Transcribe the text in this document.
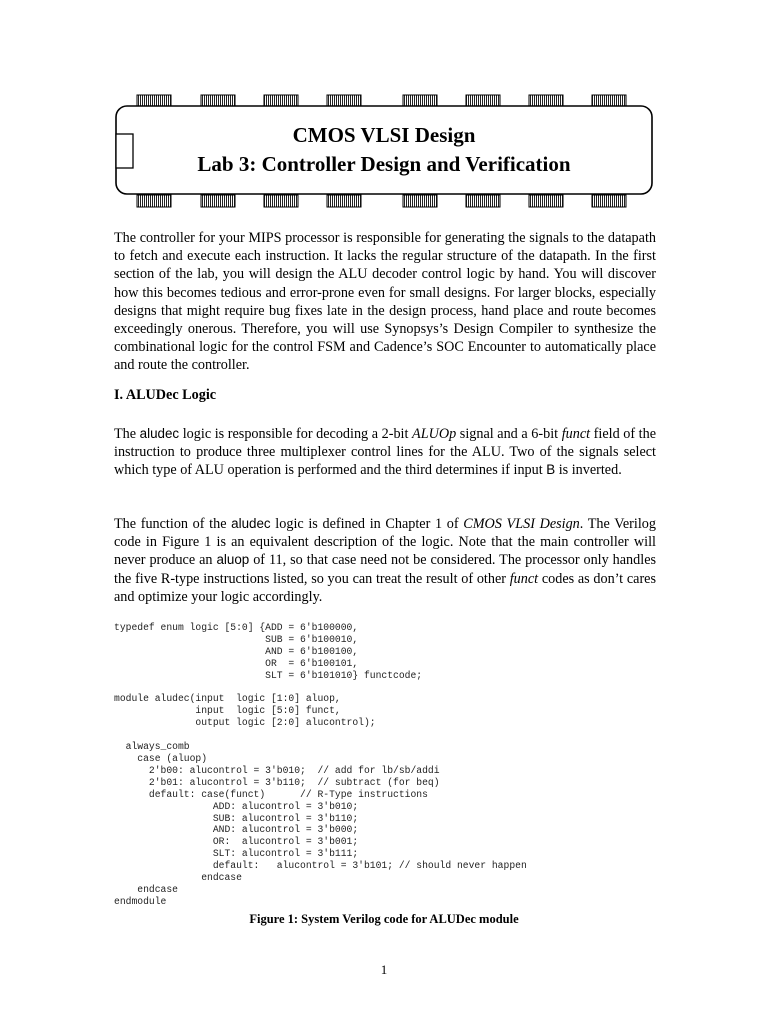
CMOS VLSI Design
Lab 3: Controller Design and Verification

The controller for your MIPS processor is responsible for generating the signals to the datapath to fetch and execute each instruction. It lacks the regular structure of the datapath. In the first section of the lab, you will design the ALU decoder control logic by hand. You will discover how this becomes tedious and error-prone even for small designs. For larger blocks, especially designs that might require bug fixes late in the design process, hand place and route becomes exceedingly onerous. Therefore, you will use Synopsys’s Design Compiler to synthesize the combinational logic for the control FSM and Cadence’s SOC Encounter to automatically place and route the controller.

I. ALUDec Logic

The aludec logic is responsible for decoding a 2-bit ALUOp signal and a 6-bit funct field of the instruction to produce three multiplexer control lines for the ALU. Two of the signals select which type of ALU operation is performed and the third determines if input B is inverted.

The function of the aludec logic is defined in Chapter 1 of CMOS VLSI Design. The Verilog code in Figure 1 is an equivalent description of the logic. Note that the main controller will never produce an aluop of 11, so that case need not be considered. The processor only handles the five R-type instructions listed, so you can treat the result of other funct codes as don’t cares and optimize your logic accordingly.

typedef enum logic [5:0] {ADD = 6'b100000,
SUB = 6'b100010,
AND = 6'b100100,
OR  = 6'b100101,
SLT = 6'b101010} functcode;

module aludec(input  logic [1:0] aluop,
input  logic [5:0] funct,
output logic [2:0] alucontrol);

always_comb
case (aluop)
2'b00: alucontrol = 3'b010;  // add for lb/sb/addi
2'b01: alucontrol = 3'b110;  // subtract (for beq)
default: case(funct)      // R-Type instructions
ADD: alucontrol = 3'b010;
SUB: alucontrol = 3'b110;
AND: alucontrol = 3'b000;
OR:  alucontrol = 3'b001;
SLT: alucontrol = 3'b111;
default:   alucontrol = 3'b101; // should never happen
endcase
endcase
endmodule
Figure 1: System Verilog code for ALUDec module
1
